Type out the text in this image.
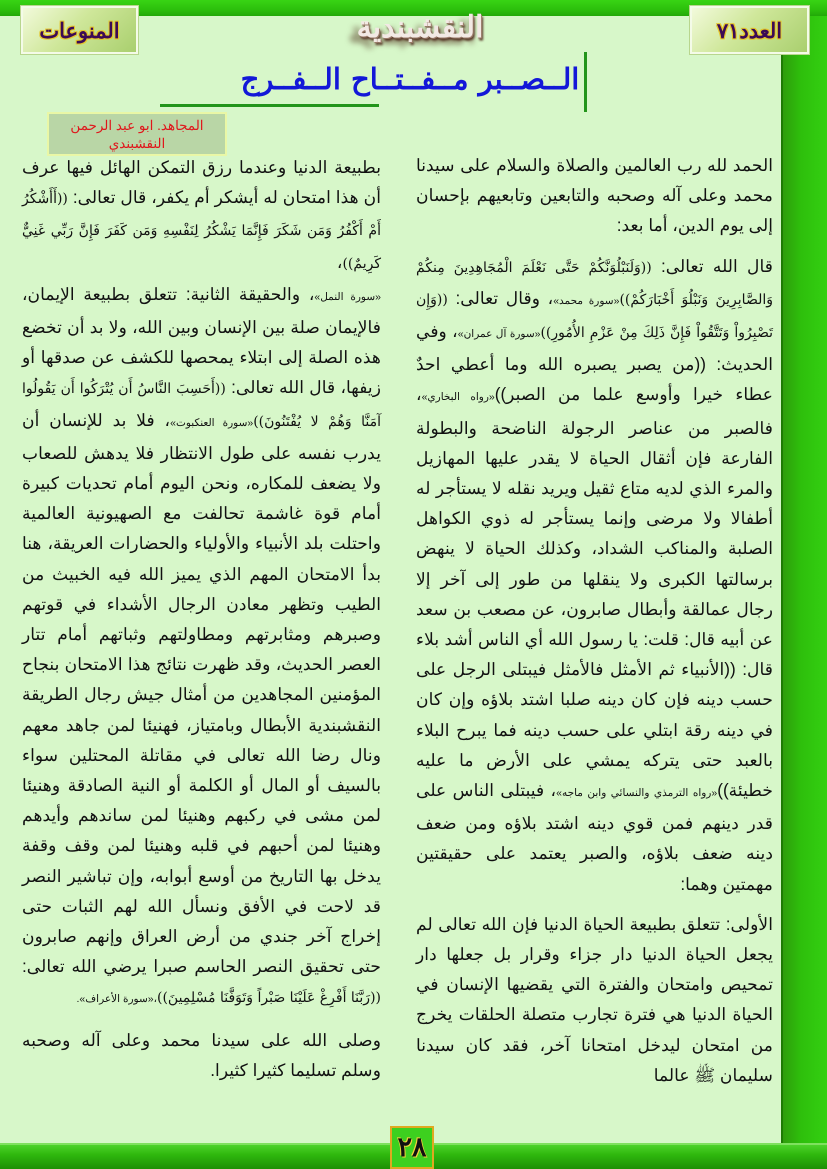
المنوعات	العدد٧١
النقشبندية
الــصــبر مــفــتــاح الــفــرج
المجاهد. ابو عبد الرحمن
النقشبندي

الحمد لله رب العالمين والصلاة والسلام على سيدنا محمد وعلى آله وصحبه والتابعين وتابعيهم بإحسان إلى يوم الدين، أما بعد:

قال الله تعالى: ((وَلَنَبْلُوَنَّكُمْ حَتَّى نَعْلَمَ الْمُجَاهِدِينَ مِنكُمْ وَالصَّابِرِينَ وَنَبْلُوَ أَخْبَارَكُمْ))«سورة محمد»، وقال تعالى: ((وَإِن تَصْبِرُواْ وَتَتَّقُواْ فَإِنَّ ذَلِكَ مِنْ عَزْمِ الأُمُورِ))«سورة آل عمران»، وفي الحديث: ((من يصبر يصبره الله وما أعطي احدٌ عطاء خيرا وأوسع علما من الصبر))«رواه البخاري»، فالصبر من عناصر الرجولة الناضحة والبطولة الفارعة فإن أثقال الحياة لا يقدر عليها المهازيل والمرء الذي لديه متاع ثقيل ويريد نقله لا يستأجر له أطفالا ولا مرضى وإنما يستأجر له ذوي الكواهل الصلبة والمناكب الشداد، وكذلك الحياة لا ينهض برسالتها الكبرى ولا ينقلها من طور إلى آخر إلا رجال عمالقة وأبطال صابرون، عن مصعب بن سعد عن أبيه قال: قلت: يا رسول الله أي الناس أشد بلاء قال: ((الأنبياء ثم الأمثل فالأمثل فيبتلى الرجل على حسب دينه فإن كان دينه صلبا اشتد بلاؤه وإن كان في دينه رقة ابتلي على حسب دينه فما يبرح البلاء بالعبد حتى يتركه يمشي على الأرض ما عليه خطيئة))«رواه الترمذي والنسائي وابن ماجه»، فيبتلى الناس على قدر دينهم فمن قوي دينه اشتد بلاؤه ومن ضعف دينه ضعف بلاؤه، والصبر يعتمد على حقيقتين مهمتين وهما:

الأولى: تتعلق بطبيعة الحياة الدنيا فإن الله تعالى لم يجعل الحياة الدنيا دار جزاء وقرار بل جعلها دار تمحيص وامتحان والفترة التي يقضيها الإنسان في الحياة الدنيا هي فترة تجارب متصلة الحلقات يخرج من امتحان ليدخل امتحانا آخر، فقد كان سيدنا سليمان ﷺ عالما

بطبيعة الدنيا وعندما رزق التمكن الهائل فيها عرف أن هذا امتحان له أيشكر أم يكفر، قال تعالى: ((أَأَشْكُرُ أَمْ أَكْفُرُ وَمَن شَكَرَ فَإِنَّمَا يَشْكُرُ لِنَفْسِهِ وَمَن كَفَرَ فَإِنَّ رَبِّي غَنِيٌّ كَرِيمٌ))،
«سورة النمل»، والحقيقة الثانية: تتعلق بطبيعة الإيمان، فالإيمان صلة بين الإنسان وبين الله، ولا بد أن تخضع هذه الصلة إلى ابتلاء يمحصها للكشف عن صدقها أو زيفها، قال الله تعالى: ((أَحَسِبَ النَّاسُ أَن يُتْرَكُوا أَن يَقُولُوا آمَنَّا وَهُمْ لا يُفْتَنُونَ))«سورة العنكبوت»، فلا بد للإنسان أن يدرب نفسه على طول الانتظار فلا يدهش للصعاب ولا يضعف للمكاره، ونحن اليوم أمام تحديات كبيرة أمام قوة غاشمة تحالفت مع الصهيونية العالمية واحتلت بلد الأنبياء والأولياء والحضارات العريقة، هنا بدأ الامتحان المهم الذي يميز الله فيه الخبيث من الطيب وتظهر معادن الرجال الأشداء في قوتهم وصبرهم ومثابرتهم ومطاولتهم وثباتهم أمام تتار العصر الحديث، وقد ظهرت نتائج هذا الامتحان بنجاح المؤمنين المجاهدين من أمثال جيش رجال الطريقة النقشبندية الأبطال وبامتياز، فهنيئا لمن جاهد معهم ونال رضا الله تعالى في مقاتلة المحتلين سواء بالسيف أو المال أو الكلمة أو النية الصادقة وهنيئا لمن مشى في ركبهم وهنيئا لمن ساندهم وأيدهم وهنيئا لمن أحبهم في قلبه وهنيئا لمن وقف وقفة يدخل بها التاريخ من أوسع أبوابه، وإن تباشير النصر قد لاحت في الأفق ونسأل الله لهم الثبات حتى إخراج آخر جندي من أرض العراق وإنهم صابرون حتى تحقيق النصر الحاسم صبرا يرضي الله تعالى: ((رَبَّنَا أَفْرِغْ عَلَيْنَا صَبْراً وَتَوَفَّنَا مُسْلِمِينَ))،«سورة الأعراف».

وصلى الله على سيدنا محمد وعلى آله وصحبه وسلم تسليما كثيرا كثيرا.

٢٨
